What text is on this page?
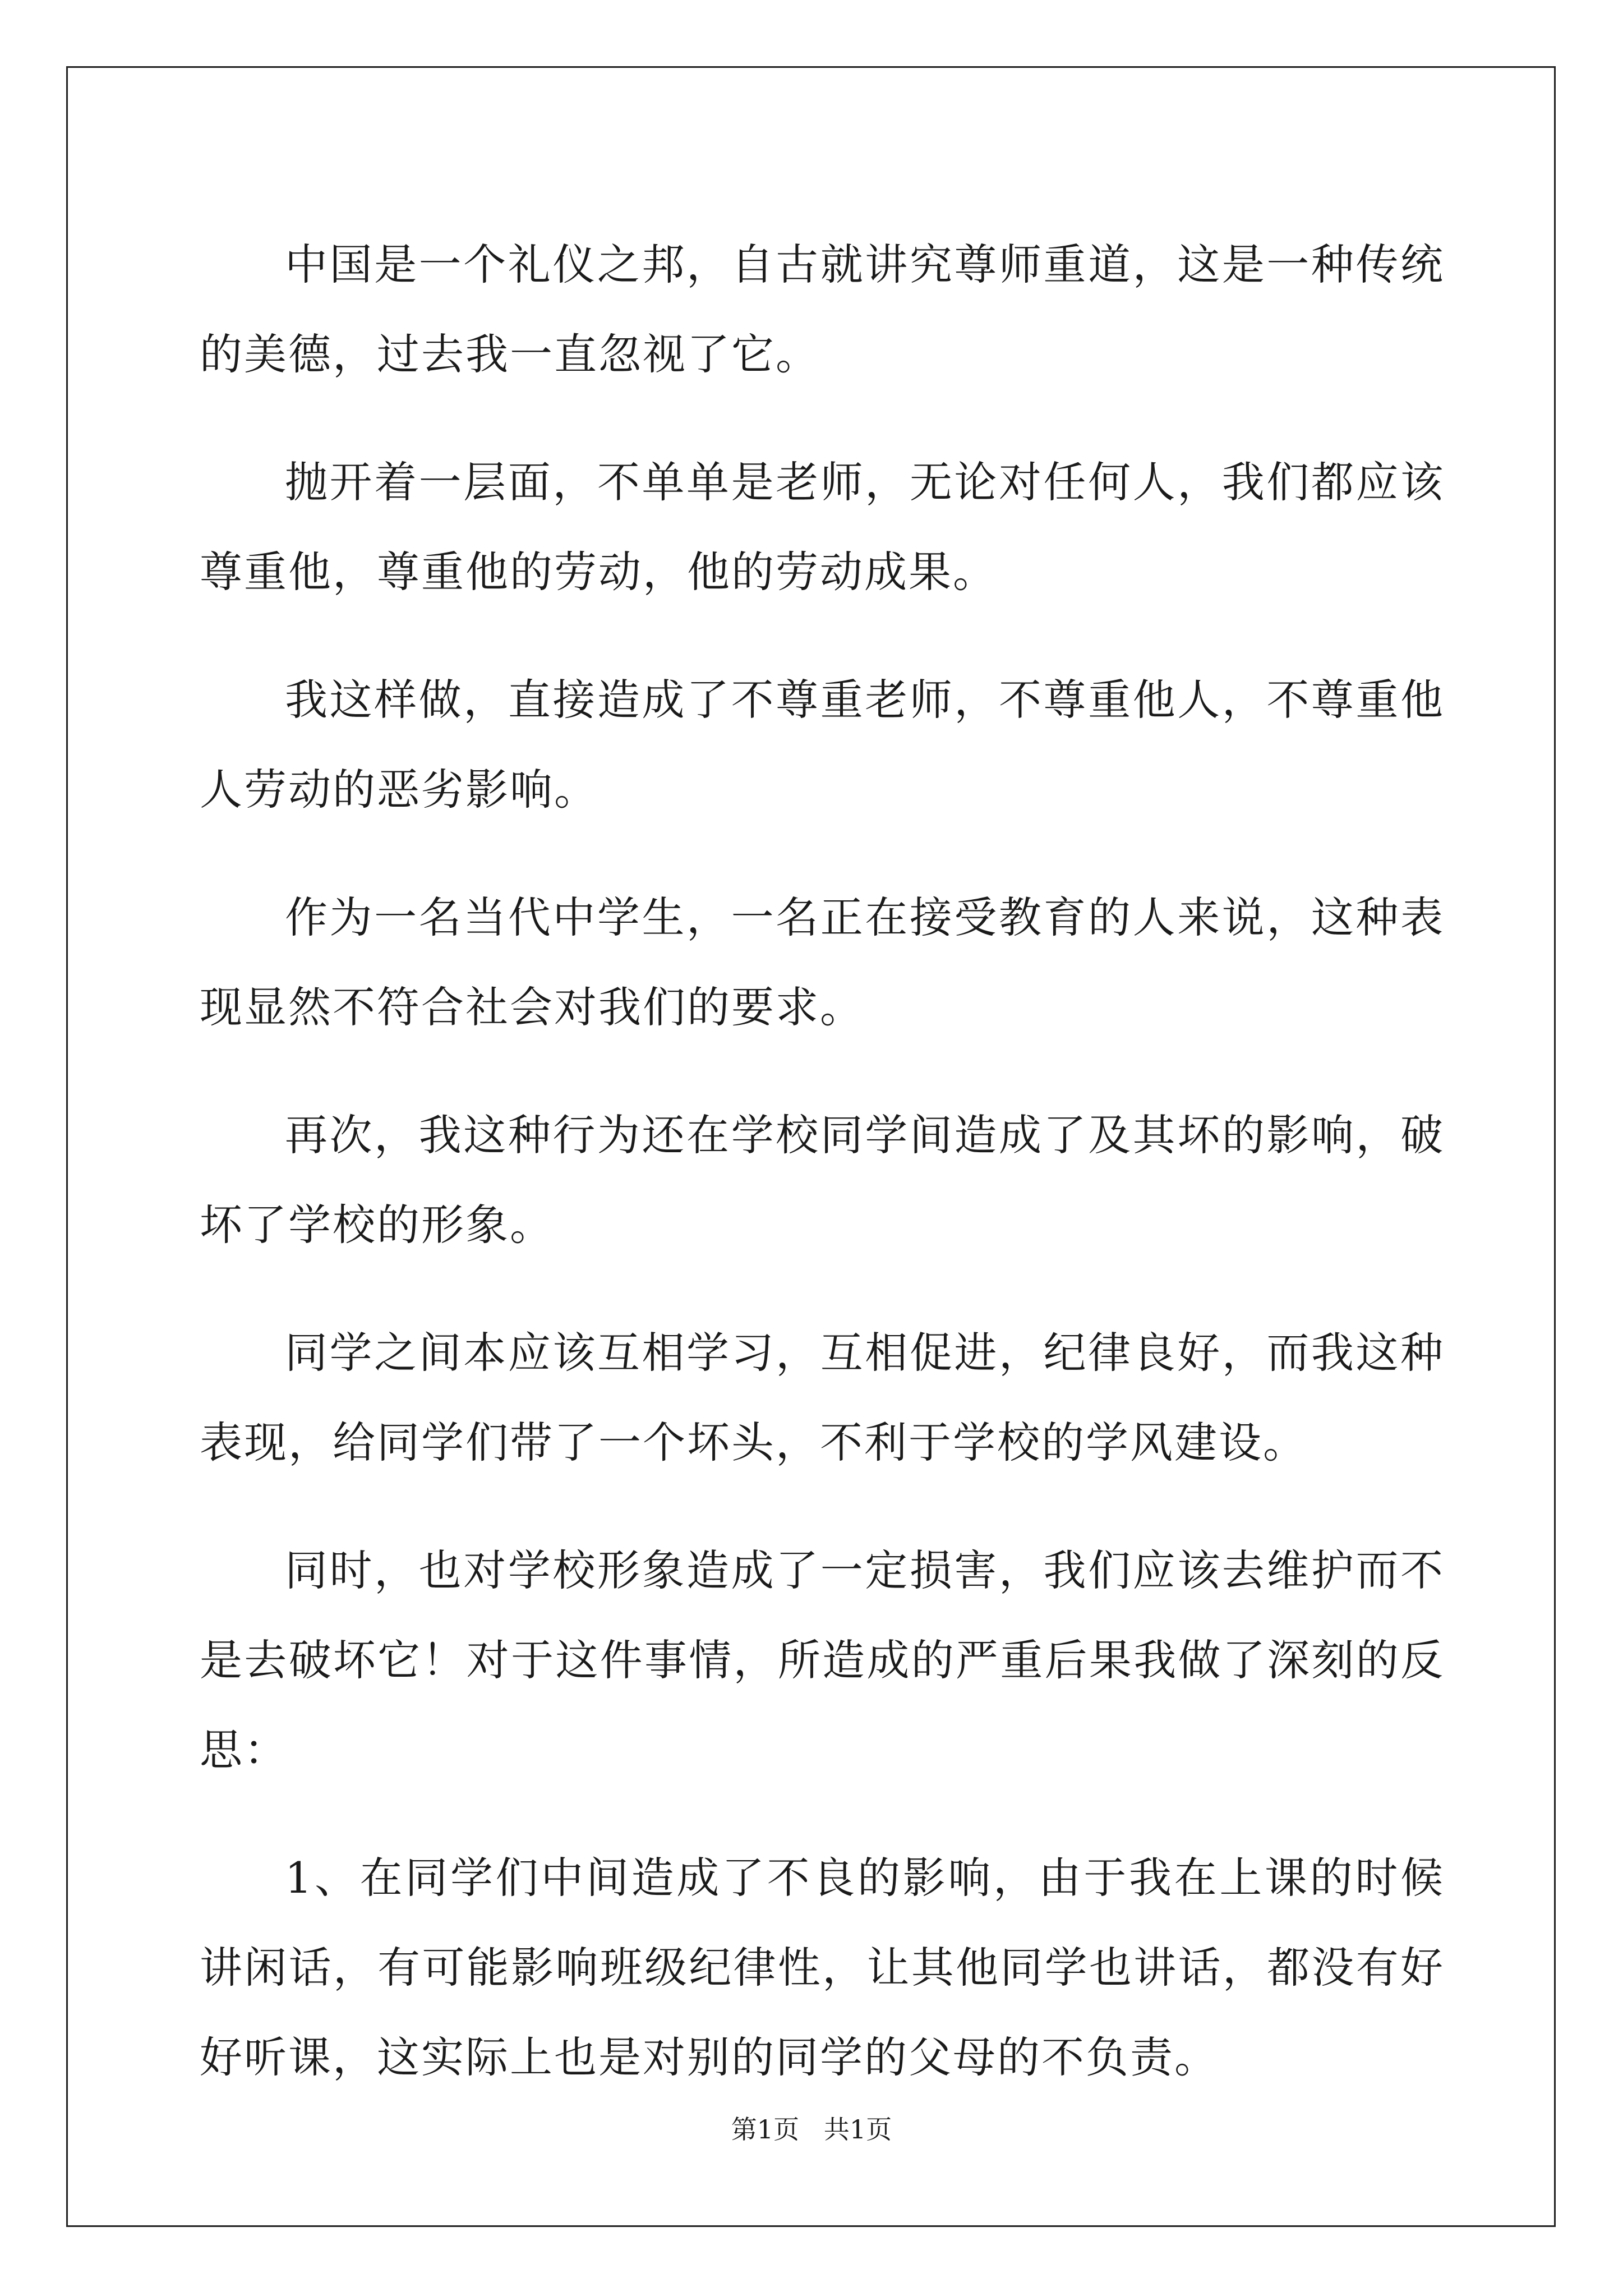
中国是一个礼仪之邦，自古就讲究尊师重道，这是一种传统的美德，过去我一直忽视了它。

抛开着一层面，不单单是老师，无论对任何人，我们都应该尊重他，尊重他的劳动，他的劳动成果。

我这样做，直接造成了不尊重老师，不尊重他人，不尊重他人劳动的恶劣影响。

作为一名当代中学生，一名正在接受教育的人来说，这种表现显然不符合社会对我们的要求。

再次，我这种行为还在学校同学间造成了及其坏的影响，破坏了学校的形象。

同学之间本应该互相学习，互相促进，纪律良好，而我这种表现，给同学们带了一个坏头，不利于学校的学风建设。

同时，也对学校形象造成了一定损害，我们应该去维护而不是去破坏它！对于这件事情，所造成的严重后果我做了深刻的反思：

1、在同学们中间造成了不良的影响，由于我在上课的时候讲闲话，有可能影响班级纪律性，让其他同学也讲话，都没有好好听课，这实际上也是对别的同学的父母的不负责。

第1页   共1页
